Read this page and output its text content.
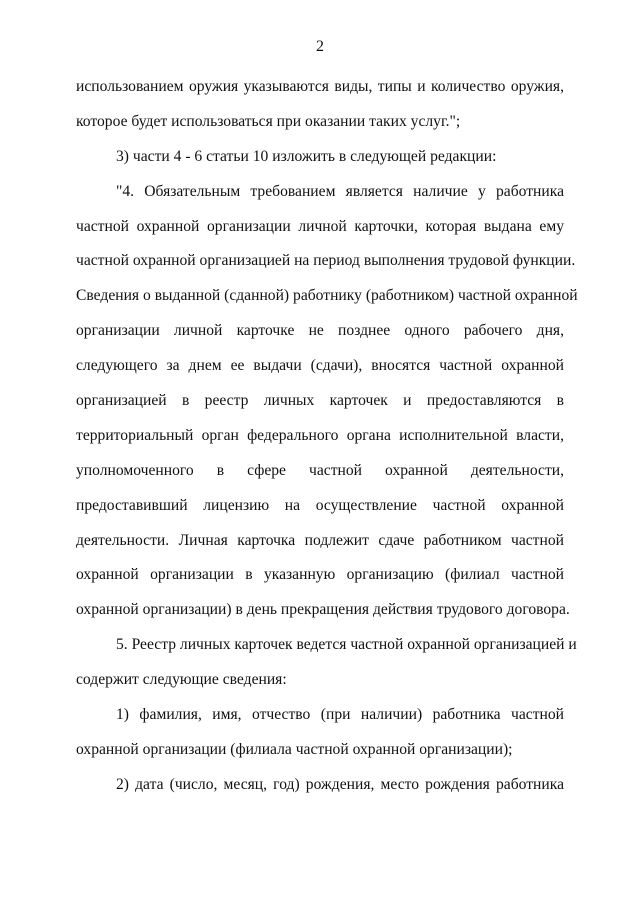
2
использованием оружия указываются виды, типы и количество оружия,
которое будет использоваться при оказании таких услуг.";
3) части 4 - 6 статьи 10 изложить в следующей редакции:
"4. Обязательным требованием является наличие у работника
частной охранной организации личной карточки, которая выдана ему
частной охранной организацией на период выполнения трудовой функции.
Сведения о выданной (сданной) работнику (работником) частной охранной
организации личной карточке не позднее одного рабочего дня,
следующего за днем ее выдачи (сдачи), вносятся частной охранной
организацией в реестр личных карточек и предоставляются в
территориальный орган федерального органа исполнительной власти,
уполномоченного в сфере частной охранной деятельности,
предоставивший лицензию на осуществление частной охранной
деятельности. Личная карточка подлежит сдаче работником частной
охранной организации в указанную организацию (филиал частной
охранной организации) в день прекращения действия трудового договора.
5. Реестр личных карточек ведется частной охранной организацией и
содержит следующие сведения:
1) фамилия, имя, отчество (при наличии) работника частной
охранной организации (филиала частной охранной организации);
2) дата (число, месяц, год) рождения, место рождения работника
